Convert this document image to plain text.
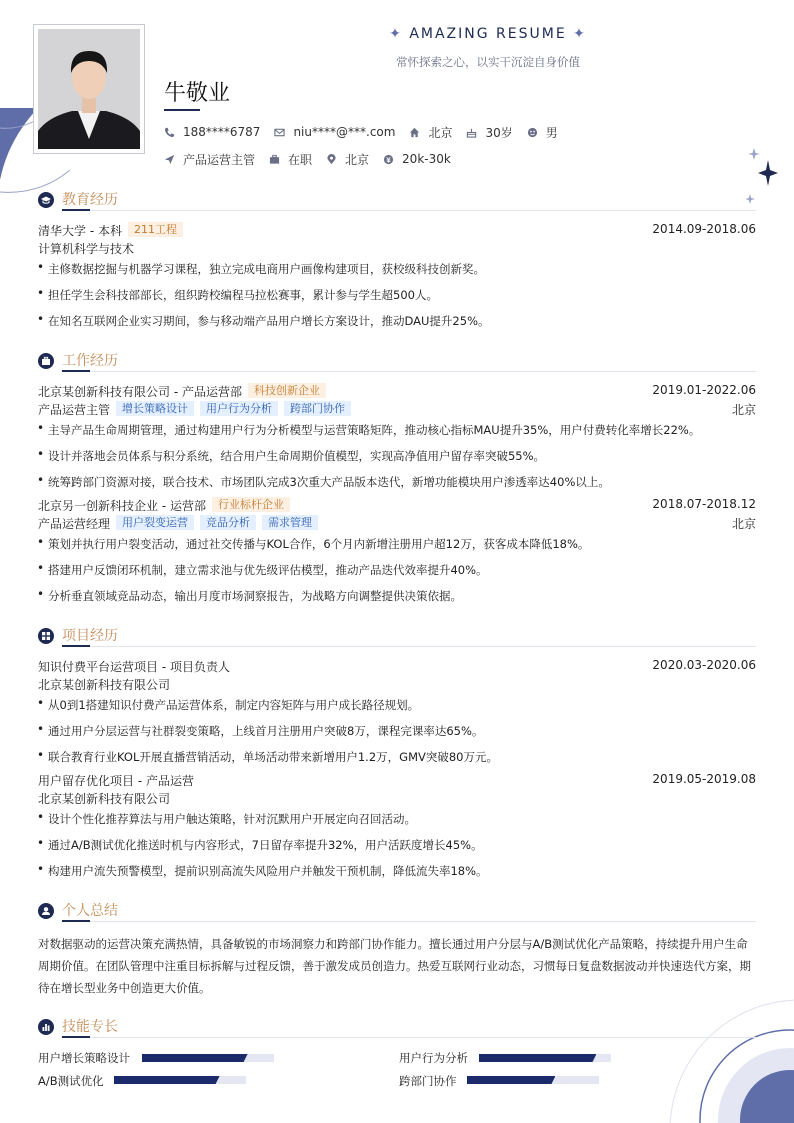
✦ AMAZING RESUME ✦
常怀探索之心，以实干沉淀自身价值
牛敬业
188****6787	niu****@***.com	北京	30岁	男
产品运营主管	在职	北京	20k-30k
教育经历
清华大学 - 本科 211工程	2014.09-2018.06
计算机科学与技术
主修数据挖掘与机器学习课程，独立完成电商用户画像构建项目，获校级科技创新奖。
担任学生会科技部部长，组织跨校编程马拉松赛事，累计参与学生超500人。
在知名互联网企业实习期间，参与移动端产品用户增长方案设计，推动DAU提升25%。
工作经历
北京某创新科技有限公司 - 产品运营部 科技创新企业	2019.01-2022.06
产品运营主管 增长策略设计 用户行为分析 跨部门协作	北京
主导产品生命周期管理，通过构建用户行为分析模型与运营策略矩阵，推动核心指标MAU提升35%，用户付费转化率增长22%。
设计并落地会员体系与积分系统，结合用户生命周期价值模型，实现高净值用户留存率突破55%。
统筹跨部门资源对接，联合技术、市场团队完成3次重大产品版本迭代，新增功能模块用户渗透率达40%以上。
北京另一创新科技企业 - 运营部 行业标杆企业	2018.07-2018.12
产品运营经理 用户裂变运营 竞品分析 需求管理	北京
策划并执行用户裂变活动，通过社交传播与KOL合作，6个月内新增注册用户超12万，获客成本降低18%。
搭建用户反馈闭环机制，建立需求池与优先级评估模型，推动产品迭代效率提升40%。
分析垂直领域竞品动态，输出月度市场洞察报告，为战略方向调整提供决策依据。
项目经历
知识付费平台运营项目 - 项目负责人	2020.03-2020.06
北京某创新科技有限公司
从0到1搭建知识付费产品运营体系，制定内容矩阵与用户成长路径规划。
通过用户分层运营与社群裂变策略，上线首月注册用户突破8万，课程完课率达65%。
联合教育行业KOL开展直播营销活动，单场活动带来新增用户1.2万，GMV突破80万元。
用户留存优化项目 - 产品运营	2019.05-2019.08
北京某创新科技有限公司
设计个性化推荐算法与用户触达策略，针对沉默用户开展定向召回活动。
通过A/B测试优化推送时机与内容形式，7日留存率提升32%，用户活跃度增长45%。
构建用户流失预警模型，提前识别高流失风险用户并触发干预机制，降低流失率18%。
个人总结
对数据驱动的运营决策充满热情，具备敏锐的市场洞察力和跨部门协作能力。擅长通过用户分层与A/B测试优化产品策略，持续提升用户生命周期价值。在团队管理中注重目标拆解与过程反馈，善于激发成员创造力。热爱互联网行业动态，习惯每日复盘数据波动并快速迭代方案，期待在增长型业务中创造更大价值。
技能专长
用户增长策略设计	用户行为分析
A/B测试优化	跨部门协作
